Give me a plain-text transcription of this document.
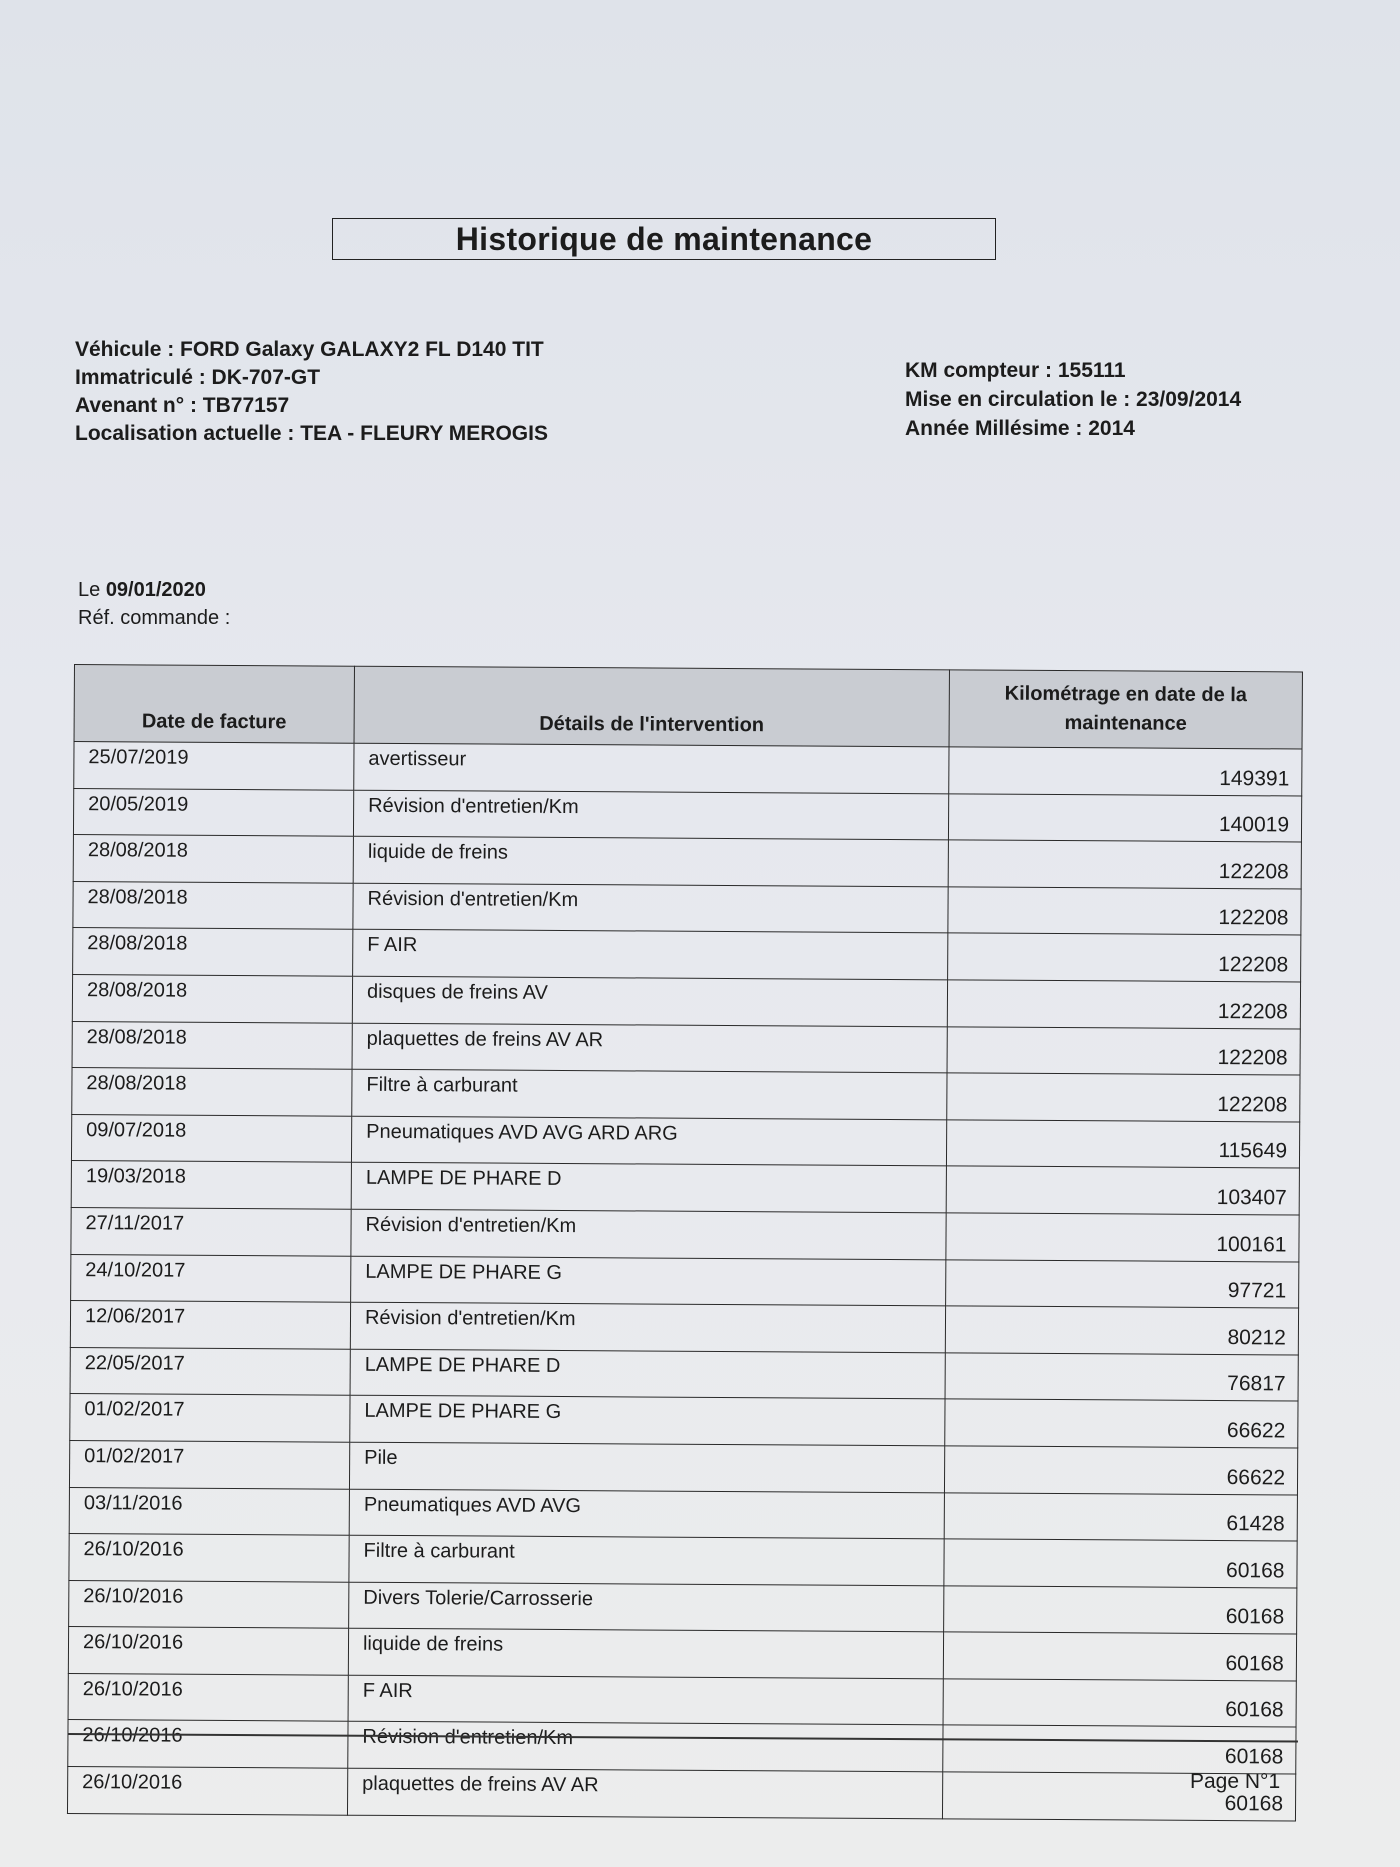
Historique de maintenance
Véhicule : FORD Galaxy GALAXY2 FL D140 TIT
Immatriculé : DK-707-GT
Avenant n° : TB77157
Localisation actuelle : TEA - FLEURY MEROGIS
KM compteur : 155111
Mise en circulation le : 23/09/2014
Année Millésime : 2014
Le 09/01/2020
Réf. commande :
Date de facture	Détails de l'intervention	Kilométrage en date de la
maintenance

25/07/2019	avertisseur	149391
20/05/2019	Révision d'entretien/Km	140019
28/08/2018	liquide de freins	122208
28/08/2018	Révision d'entretien/Km	122208
28/08/2018	F AIR	122208
28/08/2018	disques de freins AV	122208
28/08/2018	plaquettes de freins AV AR	122208
28/08/2018	Filtre à carburant	122208
09/07/2018	Pneumatiques AVD AVG ARD ARG	115649
19/03/2018	LAMPE DE PHARE D	103407
27/11/2017	Révision d'entretien/Km	100161
24/10/2017	LAMPE DE PHARE G	97721
12/06/2017	Révision d'entretien/Km	80212
22/05/2017	LAMPE DE PHARE D	76817
01/02/2017	LAMPE DE PHARE G	66622
01/02/2017	Pile	66622
03/11/2016	Pneumatiques AVD AVG	61428
26/10/2016	Filtre à carburant	60168
26/10/2016	Divers Tolerie/Carrosserie	60168
26/10/2016	liquide de freins	60168
26/10/2016	F AIR	60168
26/10/2016	Révision d'entretien/Km	60168
26/10/2016	plaquettes de freins AV AR	60168
Page N°1
